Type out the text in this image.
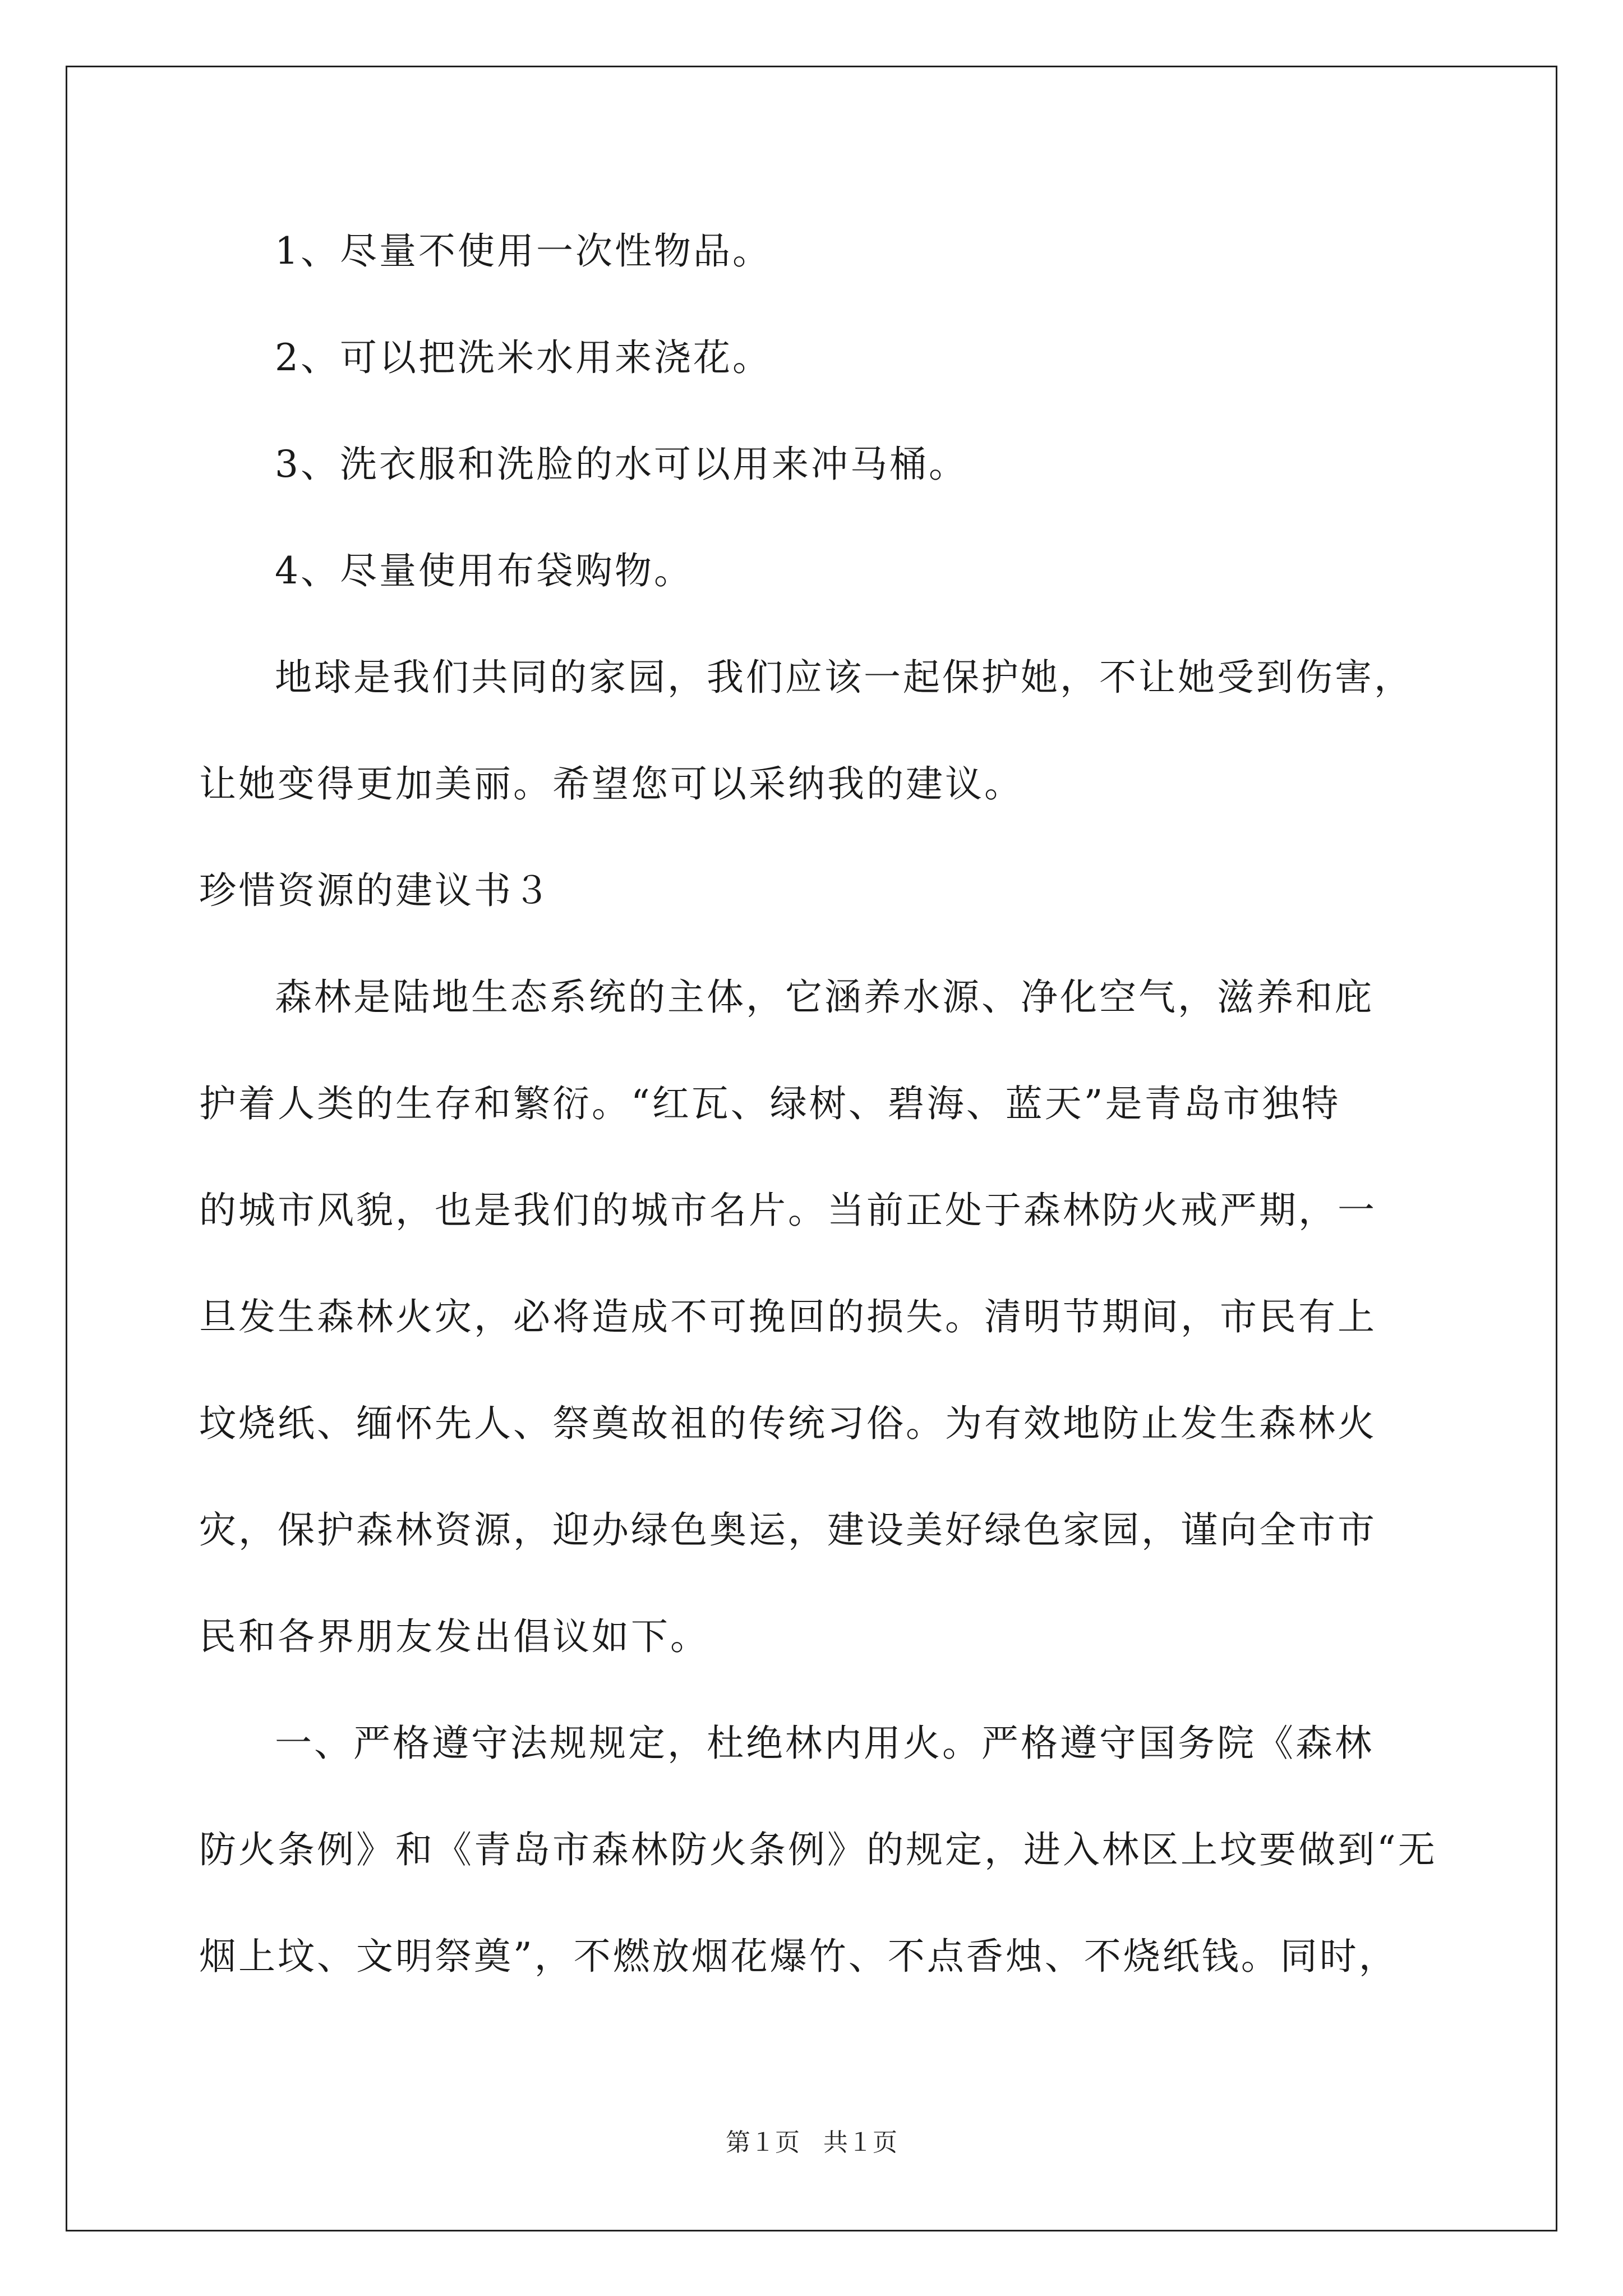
1、尽量不使用一次性物品。
2、可以把洗米水用来浇花。
3、洗衣服和洗脸的水可以用来冲马桶。
4、尽量使用布袋购物。
地球是我们共同的家园，我们应该一起保护她，不让她受到伤害，
让她变得更加美丽。希望您可以采纳我的建议。
珍惜资源的建议书３
森林是陆地生态系统的主体，它涵养水源、净化空气，滋养和庇
护着人类的生存和繁衍。“红瓦、绿树、碧海、蓝天”是青岛市独特
的城市风貌，也是我们的城市名片。当前正处于森林防火戒严期，一
旦发生森林火灾，必将造成不可挽回的损失。清明节期间，市民有上
坟烧纸、缅怀先人、祭奠故祖的传统习俗。为有效地防止发生森林火
灾，保护森林资源，迎办绿色奥运，建设美好绿色家园，谨向全市市
民和各界朋友发出倡议如下。
一、严格遵守法规规定，杜绝林内用火。严格遵守国务院《森林
防火条例》和《青岛市森林防火条例》的规定，进入林区上坟要做到“无
烟上坟、文明祭奠”，不燃放烟花爆竹、不点香烛、不烧纸钱。同时，
第１页   共１页
